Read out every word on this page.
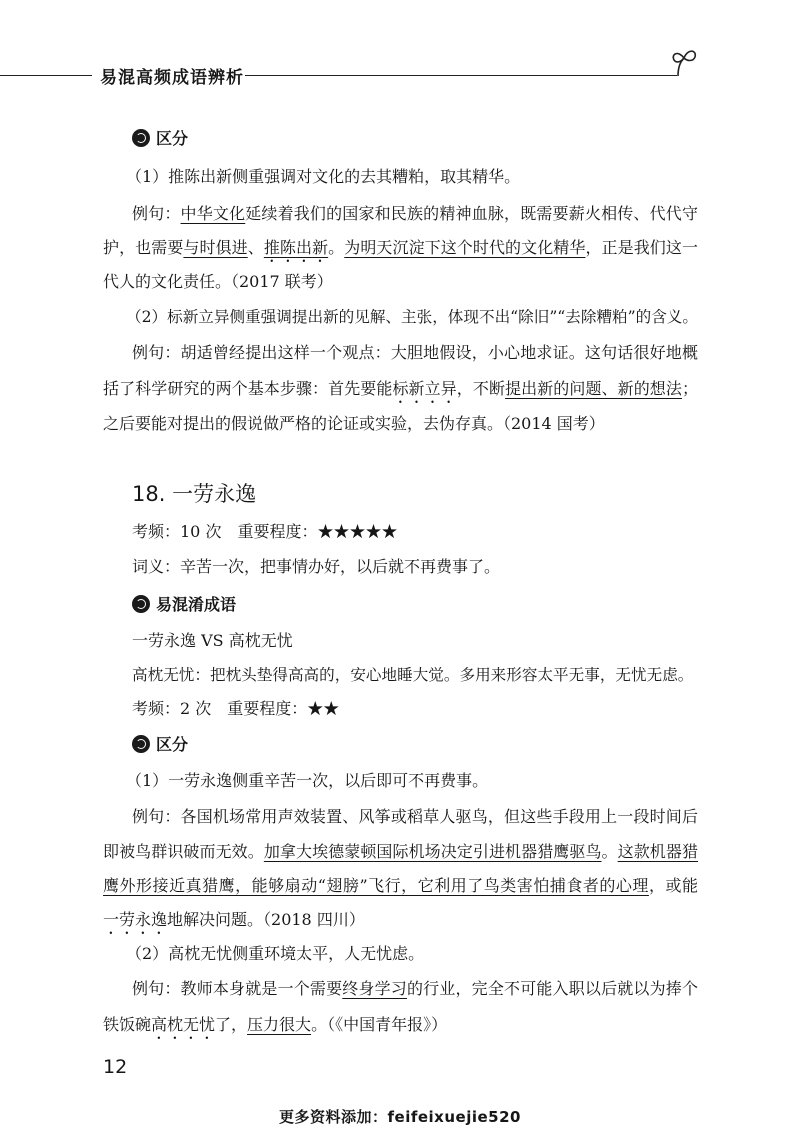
易混高频成语辨析
区分

（1）推陈出新侧重强调对文化的去其糟粕，取其精华。

例句：中华文化延续着我们的国家和民族的精神血脉，既需要薪火相传、代代守

护，也需要与时俱进、推陈出新。为明天沉淀下这个时代的文化精华，正是我们这一

代人的文化责任。（2017 联考）

（2）标新立异侧重强调提出新的见解、主张，体现不出“除旧”“去除糟粕”的含义。

例句：胡适曾经提出这样一个观点：大胆地假设，小心地求证。这句话很好地概

括了科学研究的两个基本步骤：首先要能标新立异，不断提出新的问题、新的想法；

之后要能对提出的假说做严格的论证或实验，去伪存真。（2014 国考）

18. 一劳永逸

考频：10 次　重要程度：★★★★★

词义：辛苦一次，把事情办好，以后就不再费事了。

易混淆成语

一劳永逸 VS 高枕无忧

高枕无忧：把枕头垫得高高的，安心地睡大觉。多用来形容太平无事，无忧无虑。

考频：2 次　重要程度：★★

区分

（1）一劳永逸侧重辛苦一次，以后即可不再费事。

例句：各国机场常用声效装置、风筝或稻草人驱鸟，但这些手段用上一段时间后

即被鸟群识破而无效。加拿大埃德蒙顿国际机场决定引进机器猎鹰驱鸟。这款机器猎

鹰外形接近真猎鹰，能够扇动“翅膀”飞行，它利用了鸟类害怕捕食者的心理，或能

一劳永逸地解决问题。（2018 四川）

（2）高枕无忧侧重环境太平，人无忧虑。

例句：教师本身就是一个需要终身学习的行业，完全不可能入职以后就以为捧个

铁饭碗高枕无忧了，压力很大。（《中国青年报》）

12
更多资料添加：feifeixuejie520
